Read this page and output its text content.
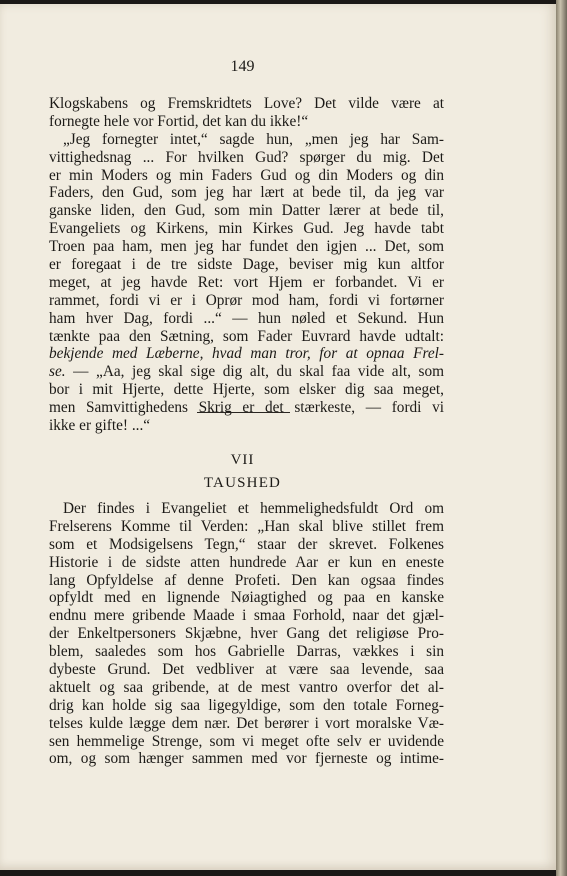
149
Klogskabens og Fremskridtets Love? Det vilde være at
fornegte hele vor Fortid, det kan du ikke!“
„Jeg fornegter intet,“ sagde hun, „men jeg har Sam-
vittighedsnag ... For hvilken Gud? spørger du mig. Det
er min Moders og min Faders Gud og din Moders og din
Faders, den Gud, som jeg har lært at bede til, da jeg var
ganske liden, den Gud, som min Datter lærer at bede til,
Evangeliets og Kirkens, min Kirkes Gud. Jeg havde tabt
Troen paa ham, men jeg har fundet den igjen ... Det, som
er foregaat i de tre sidste Dage, beviser mig kun altfor
meget, at jeg havde Ret: vort Hjem er forbandet. Vi er
rammet, fordi vi er i Oprør mod ham, fordi vi fortørner
ham hver Dag, fordi ...“ — hun nøled et Sekund. Hun
tænkte paa den Sætning, som Fader Euvrard havde udtalt:
bekjende med Læberne, hvad man tror, for at opnaa Frel-
se. — „Aa, jeg skal sige dig alt, du skal faa vide alt, som
bor i mit Hjerte, dette Hjerte, som elsker dig saa meget,
men Samvittighedens Skrig er det stærkeste, — fordi vi
ikke er gifte! ...“
VII
TAUSHED
Der findes i Evangeliet et hemmelighedsfuldt Ord om
Frelserens Komme til Verden: „Han skal blive stillet frem
som et Modsigelsens Tegn,“ staar der skrevet. Folkenes
Historie i de sidste atten hundrede Aar er kun en eneste
lang Opfyldelse af denne Profeti. Den kan ogsaa findes
opfyldt med en lignende Nøiagtighed og paa en kanske
endnu mere gribende Maade i smaa Forhold, naar det gjæl-
der Enkeltpersoners Skjæbne, hver Gang det religiøse Pro-
blem, saaledes som hos Gabrielle Darras, vækkes i sin
dybeste Grund. Det vedbliver at være saa levende, saa
aktuelt og saa gribende, at de mest vantro overfor det al-
drig kan holde sig saa ligegyldige, som den totale Forneg-
telses kulde lægge dem nær. Det berører i vort moralske Væ-
sen hemmelige Strenge, som vi meget ofte selv er uvidende
om, og som hænger sammen med vor fjerneste og intime-
